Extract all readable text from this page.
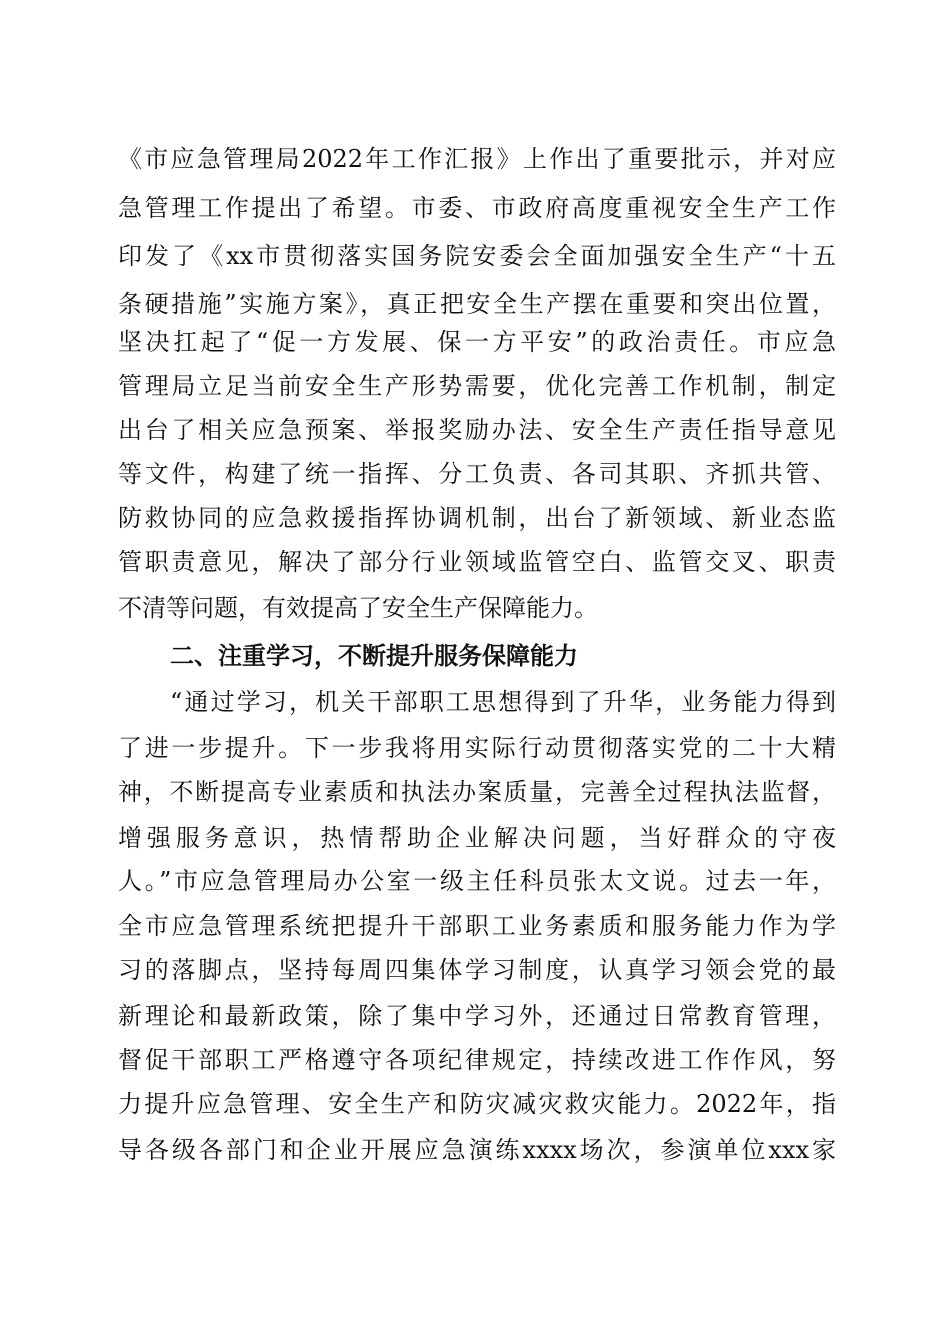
《市应急管理局2022年工作汇报》上作出了重要批示，并对应
急管理工作提出了希望。市委、市政府高度重视安全生产工作
印发了《xx市贯彻落实国务院安委会全面加强安全生产“十五
条硬措施”实施方案》，真正把安全生产摆在重要和突出位置，
坚决扛起了“促一方发展、保一方平安”的政治责任。市应急
管理局立足当前安全生产形势需要，优化完善工作机制，制定
出台了相关应急预案、举报奖励办法、安全生产责任指导意见
等文件，构建了统一指挥、分工负责、各司其职、齐抓共管、
防救协同的应急救援指挥协调机制，出台了新领域、新业态监
管职责意见，解决了部分行业领域监管空白、监管交叉、职责
不清等问题，有效提高了安全生产保障能力。
二、注重学习，不断提升服务保障能力
“通过学习，机关干部职工思想得到了升华，业务能力得到
了进一步提升。下一步我将用实际行动贯彻落实党的二十大精
神，不断提高专业素质和执法办案质量，完善全过程执法监督，
增强服务意识，热情帮助企业解决问题，当好群众的守夜
人。”市应急管理局办公室一级主任科员张太文说。过去一年，
全市应急管理系统把提升干部职工业务素质和服务能力作为学
习的落脚点，坚持每周四集体学习制度，认真学习领会党的最
新理论和最新政策，除了集中学习外，还通过日常教育管理，
督促干部职工严格遵守各项纪律规定，持续改进工作作风，努
力提升应急管理、安全生产和防灾减灾救灾能力。2022年，指
导各级各部门和企业开展应急演练xxxx场次，参演单位xxx家
